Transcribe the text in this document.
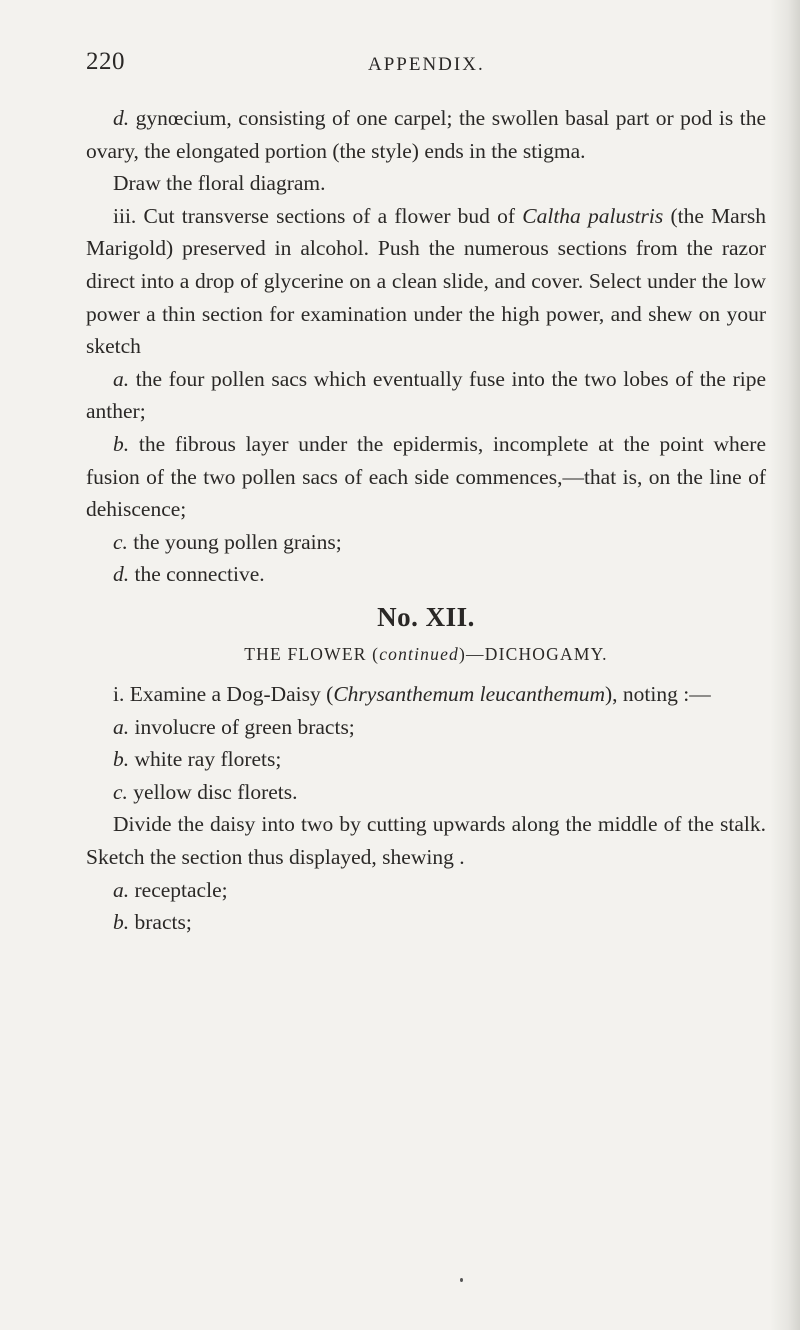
220	APPENDIX.

d. gynœcium, consisting of one carpel; the swollen basal part or pod is the ovary, the elongated portion (the style) ends in the stigma.

Draw the floral diagram.

iii. Cut transverse sections of a flower bud of Caltha palustris (the Marsh Marigold) preserved in alcohol. Push the numerous sections from the razor direct into a drop of glycerine on a clean slide, and cover. Select under the low power a thin section for examination under the high power, and shew on your sketch

a. the four pollen sacs which eventually fuse into the two lobes of the ripe anther;

b. the fibrous layer under the epidermis, incomplete at the point where fusion of the two pollen sacs of each side commences,—that is, on the line of dehiscence;

c. the young pollen grains;

d. the connective.

No. XII.

THE FLOWER (continued)—DICHOGAMY.

i. Examine a Dog-Daisy (Chrysanthemum leucanthemum), noting :—

a. involucre of green bracts;

b. white ray florets;

c. yellow disc florets.

Divide the daisy into two by cutting upwards along the middle of the stalk. Sketch the section thus displayed, shewing .

a. receptacle;

b. bracts;
